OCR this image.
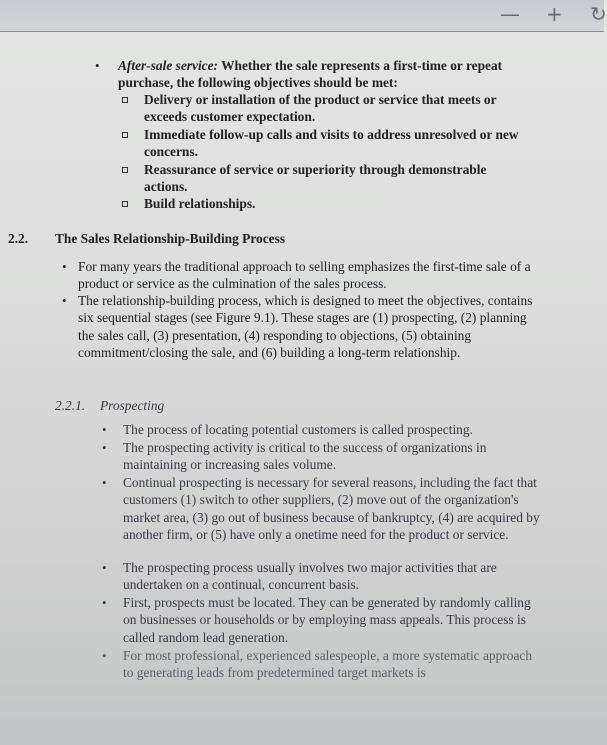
— + ↻
• After-sale service: Whether the sale represents a first-time or repeat purchase, the following objectives should be met:
Delivery or installation of the product or service that meets or exceeds customer expectation.
Immediate follow-up calls and visits to address unresolved or new concerns.
Reassurance of service or superiority through demonstrable actions.
Build relationships.
2.2. The Sales Relationship-Building Process
• For many years the traditional approach to selling emphasizes the first-time sale of a product or service as the culmination of the sales process.
• The relationship-building process, which is designed to meet the objectives, contains six sequential stages (see Figure 9.1). These stages are (1) prospecting, (2) planning the sales call, (3) presentation, (4) responding to objections, (5) obtaining commitment/closing the sale, and (6) building a long-term relationship.
2.2.1. Prospecting
• The process of locating potential customers is called prospecting.
• The prospecting activity is critical to the success of organizations in maintaining or increasing sales volume.
• Continual prospecting is necessary for several reasons, including the fact that customers (1) switch to other suppliers, (2) move out of the organization's market area, (3) go out of business because of bankruptcy, (4) are acquired by another firm, or (5) have only a onetime need for the product or service.
• The prospecting process usually involves two major activities that are undertaken on a continual, concurrent basis.
• First, prospects must be located. They can be generated by randomly calling on businesses or households or by employing mass appeals. This process is called random lead generation.
• For most professional, experienced salespeople, a more systematic approach to generating leads from predetermined target markets is
